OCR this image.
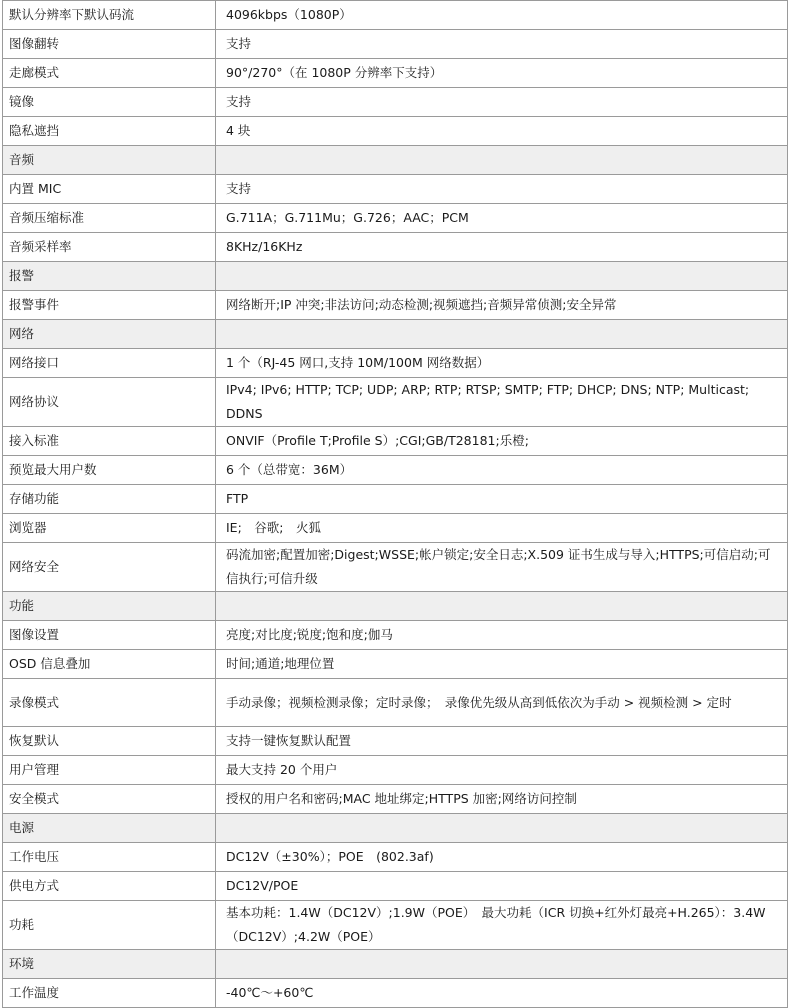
默认分辨率下默认码流	4096kbps（1080P）
图像翻转	支持
走廊模式	90°/270°（在 1080P 分辨率下支持）
镜像	支持
隐私遮挡	4 块
音频	
内置 MIC	支持
音频压缩标准	G.711A；G.711Mu；G.726；AAC；PCM
音频采样率	8KHz/16KHz
报警	
报警事件	网络断开;IP 冲突;非法访问;动态检测;视频遮挡;音频异常侦测;安全异常
网络	
网络接口	1 个（RJ-45 网口,支持 10M/100M 网络数据）
网络协议	IPv4; IPv6; HTTP; TCP; UDP; ARP; RTP; RTSP; SMTP; FTP; DHCP; DNS; NTP; Multicast; DDNS
接入标准	ONVIF（Profile T;Profile S）;CGI;GB/T28181;乐橙;
预览最大用户数	6 个（总带宽：36M）
存储功能	FTP
浏览器	IE;　谷歌;　火狐
网络安全	码流加密;配置加密;Digest;WSSE;帐户锁定;安全日志;X.509 证书生成与导入;HTTPS;可信启动;可信执行;可信升级
功能	
图像设置	亮度;对比度;锐度;饱和度;伽马
OSD 信息叠加	时间;通道;地理位置
录像模式	手动录像；视频检测录像；定时录像；　录像优先级从高到低依次为手动 > 视频检测 > 定时
恢复默认	支持一键恢复默认配置
用户管理	最大支持 20 个用户
安全模式	授权的用户名和密码;MAC 地址绑定;HTTPS 加密;网络访问控制
电源	
工作电压	DC12V（±30%）；POE　(802.3af)
供电方式	DC12V/POE
功耗	基本功耗：1.4W（DC12V）;1.9W（POE）　最大功耗（ICR 切换+红外灯最亮+H.265）：3.4W（DC12V）;4.2W（POE）
环境	
工作温度	-40℃～+60℃
